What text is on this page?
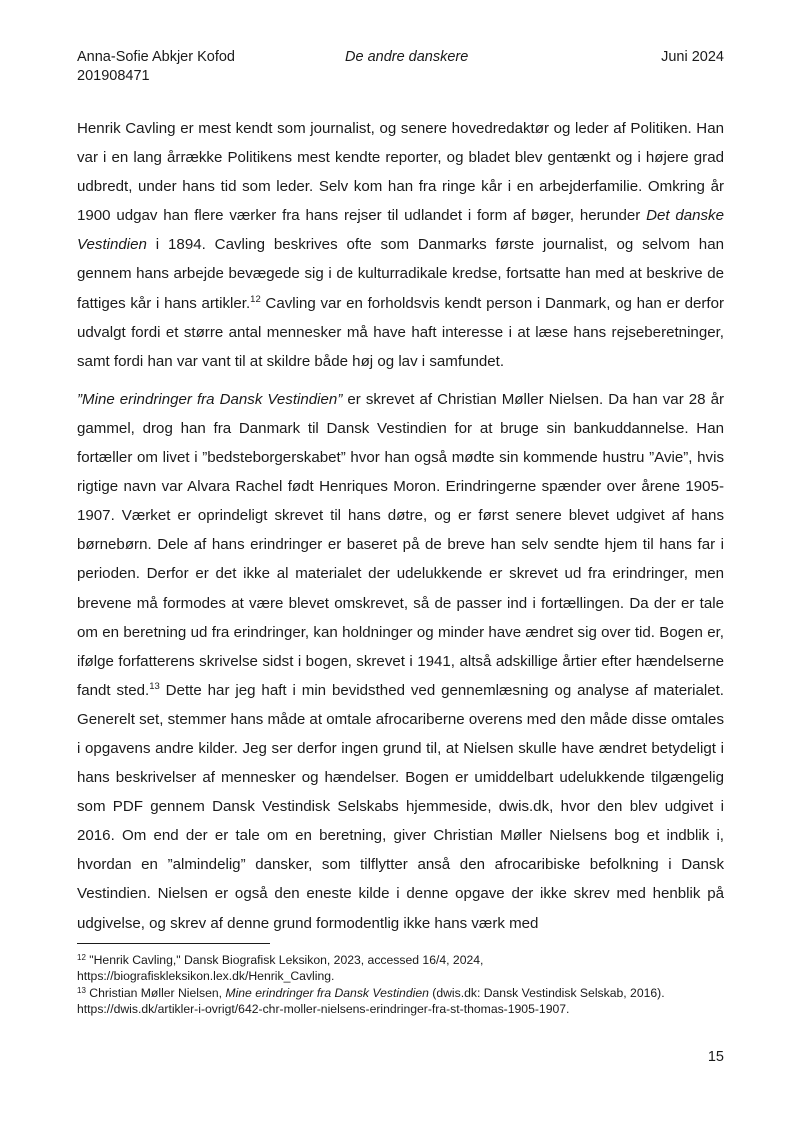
Anna-Sofie Abkjer Kofod
201908471
De andre danskere	Juni 2024

Henrik Cavling er mest kendt som journalist, og senere hovedredaktør og leder af Politiken. Han var i en lang årrække Politikens mest kendte reporter, og bladet blev gentænkt og i højere grad udbredt, under hans tid som leder. Selv kom han fra ringe kår i en arbejderfamilie. Omkring år 1900 udgav han flere værker fra hans rejser til udlandet i form af bøger, herunder Det danske Vestindien i 1894. Cavling beskrives ofte som Danmarks første journalist, og selvom han gennem hans arbejde bevægede sig i de kulturradikale kredse, fortsatte han med at beskrive de fattiges kår i hans artikler.$^{12}$ Cavling var en forholdsvis kendt person i Danmark, og han er derfor udvalgt fordi et større antal mennesker må have haft interesse i at læse hans rejseberetninger, samt fordi han var vant til at skildre både høj og lav i samfundet.

”Mine erindringer fra Dansk Vestindien” er skrevet af Christian Møller Nielsen. Da han var 28 år gammel, drog han fra Danmark til Dansk Vestindien for at bruge sin bankuddannelse. Han fortæller om livet i ”bedsteborgerskabet” hvor han også mødte sin kommende hustru ”Avie”, hvis rigtige navn var Alvara Rachel født Henriques Moron. Erindringerne spænder over årene 1905-1907. Værket er oprindeligt skrevet til hans døtre, og er først senere blevet udgivet af hans børnebørn. Dele af hans erindringer er baseret på de breve han selv sendte hjem til hans far i perioden. Derfor er det ikke al materialet der udelukkende er skrevet ud fra erindringer, men brevene må formodes at være blevet omskrevet, så de passer ind i fortællingen. Da der er tale om en beretning ud fra erindringer, kan holdninger og minder have ændret sig over tid. Bogen er, ifølge forfatterens skrivelse sidst i bogen, skrevet i 1941, altså adskillige årtier efter hændelserne fandt sted.$^{13}$ Dette har jeg haft i min bevidsthed ved gennemlæsning og analyse af materialet. Generelt set, stemmer hans måde at omtale afrocariberne overens med den måde disse omtales i opgavens andre kilder. Jeg ser derfor ingen grund til, at Nielsen skulle have ændret betydeligt i hans beskrivelser af mennesker og hændelser. Bogen er umiddelbart udelukkende tilgængelig som PDF gennem Dansk Vestindisk Selskabs hjemmeside, dwis.dk, hvor den blev udgivet i 2016. Om end der er tale om en beretning, giver Christian Møller Nielsens bog et indblik i, hvordan en ”almindelig” dansker, som tilflytter anså den afrocaribiske befolkning i Dansk Vestindien. Nielsen er også den eneste kilde i denne opgave der ikke skrev med henblik på udgivelse, og skrev af denne grund formodentlig ikke hans værk med

$^{12}$ "Henrik Cavling," Dansk Biografisk Leksikon, 2023, accessed 16/4, 2024, https://biografiskleksikon.lex.dk/Henrik_Cavling.
$^{13}$ Christian Møller Nielsen, Mine erindringer fra Dansk Vestindien (dwis.dk: Dansk Vestindisk Selskab, 2016). https://dwis.dk/artikler-i-ovrigt/642-chr-moller-nielsens-erindringer-fra-st-thomas-1905-1907.
15
